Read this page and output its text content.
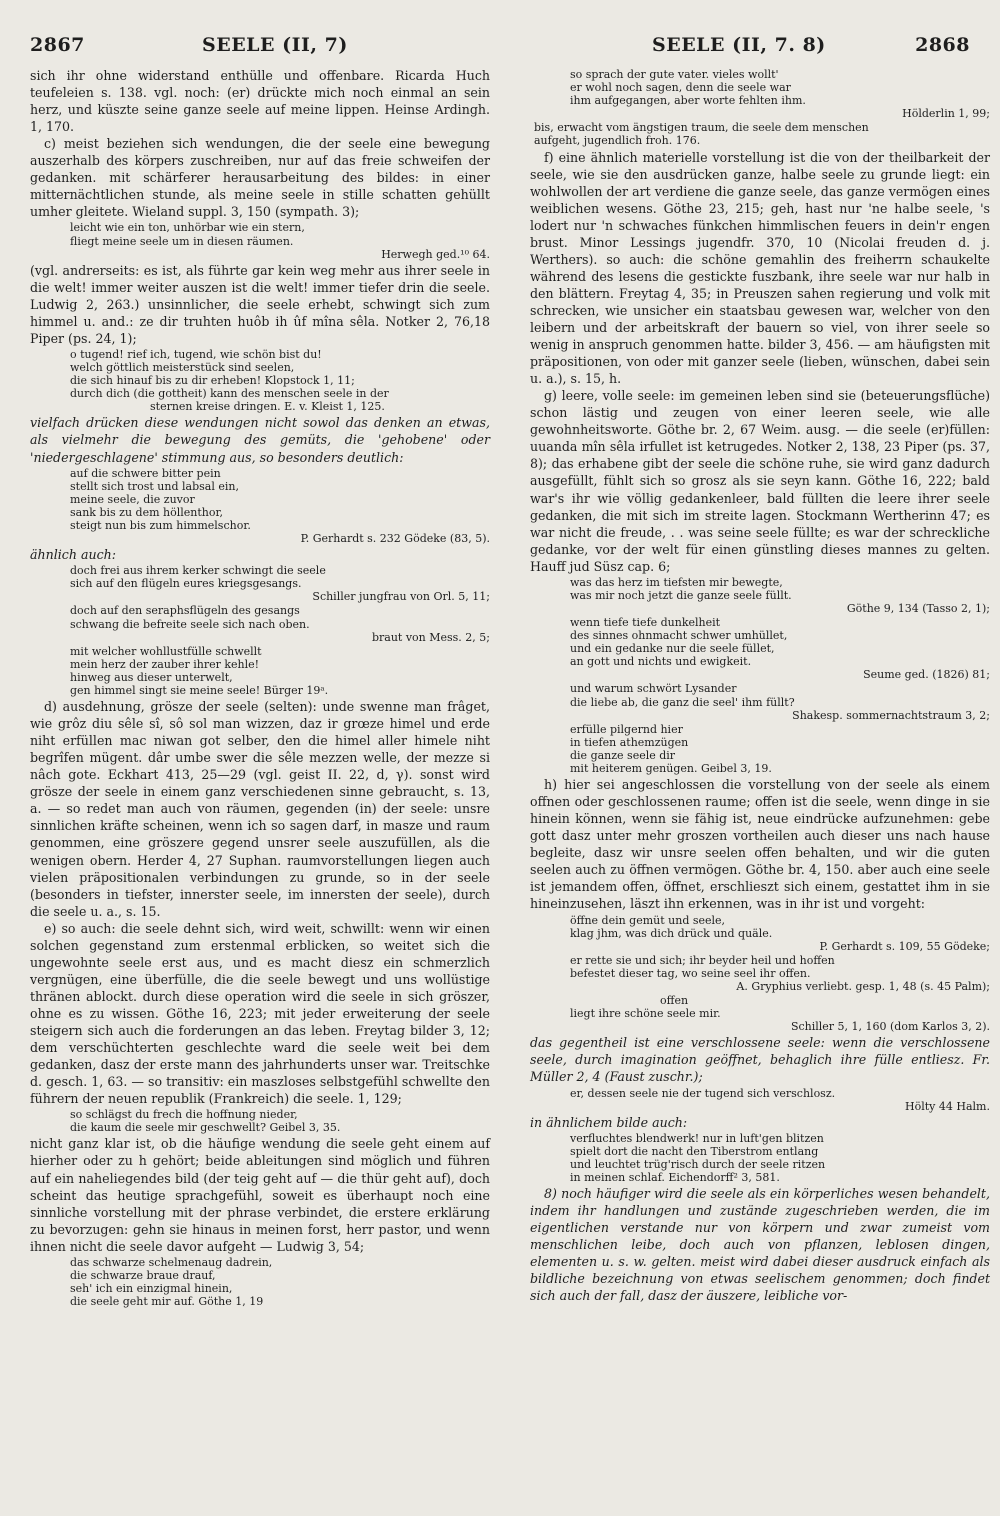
2867	SEELE (II, 7)	SEELE (II, 7. 8)	2868

sich ihr ohne widerstand enthülle und offenbare. Ricarda Huch teufeleien s. 138. vgl. noch: (er) drückte mich noch einmal an sein herz, und küszte seine ganze seele auf meine lippen. Heinse Ardingh. 1, 170.

c) meist beziehen sich wendungen, die der seele eine bewegung auszerhalb des körpers zuschreiben, nur auf das freie schweifen der gedanken. mit schärferer herausarbeitung des bildes: in einer mitternächtlichen stunde, als meine seele in stille schatten gehüllt umher gleitete. Wieland suppl. 3, 150 (sympath. 3);

leicht wie ein ton, unhörbar wie ein stern,
fliegt meine seele um in diesen räumen.
Herwegh ged.¹⁰ 64.

(vgl. andrerseits: es ist, als führte gar kein weg mehr aus ihrer seele in die welt! immer weiter auszen ist die welt! immer tiefer drin die seele. Ludwig 2, 263.) unsinnlicher, die seele erhebt, schwingt sich zum himmel u. and.: ze dir truhten huôb ih ûf mîna sêla. Notker 2, 76,18 Piper (ps. 24, 1);

o tugend! rief ich, tugend, wie schön bist du!
welch göttlich meisterstück sind seelen,
die sich hinauf bis zu dir erheben! Klopstock 1, 11;
durch dich (die gottheit) kann des menschen seele in der
sternen kreise dringen. E. v. Kleist 1, 125.

vielfach drücken diese wendungen nicht sowol das denken an etwas, als vielmehr die bewegung des gemüts, die 'gehobene' oder 'niedergeschlagene' stimmung aus, so besonders deutlich:

auf die schwere bitter pein
stellt sich trost und labsal ein,
meine seele, die zuvor
sank bis zu dem höllenthor,
steigt nun bis zum himmelschor.
P. Gerhardt s. 232 Gödeke (83, 5).

ähnlich auch:

doch frei aus ihrem kerker schwingt die seele
sich auf den flügeln eures kriegsgesangs.
Schiller jungfrau von Orl. 5, 11;
doch auf den seraphsflügeln des gesangs
schwang die befreite seele sich nach oben.
braut von Mess. 2, 5;
mit welcher wohllustfülle schwellt
mein herz der zauber ihrer kehle!
hinweg aus dieser unterwelt,
gen himmel singt sie meine seele! Bürger 19ᵃ.

d) ausdehnung, grösze der seele (selten): unde swenne man frâget, wie grôz diu sêle sî, sô sol man wizzen, daz ir grœze himel und erde niht erfüllen mac niwan got selber, den die himel aller himele niht begrîfen mügent. dâr umbe swer die sêle mezzen welle, der mezze si nâch gote. Eckhart 413, 25—29 (vgl. geist II. 22, d, γ). sonst wird grösze der seele in einem ganz verschiedenen sinne gebraucht, s. 13, a. — so redet man auch von räumen, gegenden (in) der seele: unsre sinnlichen kräfte scheinen, wenn ich so sagen darf, in masze und raum genommen, eine gröszere gegend unsrer seele auszufüllen, als die wenigen obern. Herder 4, 27 Suphan. raumvorstellungen liegen auch vielen präpositionalen verbindungen zu grunde, so in der seele (besonders in tiefster, innerster seele, im innersten der seele), durch die seele u. a., s. 15.

e) so auch: die seele dehnt sich, wird weit, schwillt: wenn wir einen solchen gegenstand zum erstenmal erblicken, so weitet sich die ungewohnte seele erst aus, und es macht diesz ein schmerzlich vergnügen, eine überfülle, die die seele bewegt und uns wollüstige thränen ablockt. durch diese operation wird die seele in sich gröszer, ohne es zu wissen. Göthe 16, 223; mit jeder erweiterung der seele steigern sich auch die forderungen an das leben. Freytag bilder 3, 12; dem verschüchterten geschlechte ward die seele weit bei dem gedanken, dasz der erste mann des jahrhunderts unser war. Treitschke d. gesch. 1, 63. — so transitiv: ein maszloses selbstgefühl schwellte den führern der neuen republik (Frankreich) die seele. 1, 129;

so schlägst du frech die hoffnung nieder,
die kaum die seele mir geschwellt? Geibel 3, 35.

nicht ganz klar ist, ob die häufige wendung die seele geht einem auf hierher oder zu h gehört; beide ableitungen sind möglich und führen auf ein naheliegendes bild (der teig geht auf — die thür geht auf), doch scheint das heutige sprachgefühl, soweit es überhaupt noch eine sinnliche vorstellung mit der phrase verbindet, die erstere erklärung zu bevorzugen: gehn sie hinaus in meinen forst, herr pastor, und wenn ihnen nicht die seele davor aufgeht — Ludwig 3, 54;

das schwarze schelmenaug dadrein,
die schwarze braue drauf,
seh' ich ein einzigmal hinein,
die seele geht mir auf. Göthe 1, 19
so sprach der gute vater. vieles wollt'
er wohl noch sagen, denn die seele war
ihm aufgegangen, aber worte fehlten ihm.
Hölderlin 1, 99;
bis, erwacht vom ängstigen traum, die seele dem menschen
aufgeht, jugendlich froh. 176.

f) eine ähnlich materielle vorstellung ist die von der theilbarkeit der seele, wie sie den ausdrücken ganze, halbe seele zu grunde liegt: ein wohlwollen der art verdiene die ganze seele, das ganze vermögen eines weiblichen wesens. Göthe 23, 215; geh, hast nur 'ne halbe seele, 's lodert nur 'n schwaches fünkchen himmlischen feuers in dein'r engen brust. Minor Lessings jugendfr. 370, 10 (Nicolai freuden d. j. Werthers). so auch: die schöne gemahlin des freiherrn schaukelte während des lesens die gestickte fuszbank, ihre seele war nur halb in den blättern. Freytag 4, 35; in Preuszen sahen regierung und volk mit schrecken, wie unsicher ein staatsbau gewesen war, welcher von den leibern und der arbeitskraft der bauern so viel, von ihrer seele so wenig in anspruch genommen hatte. bilder 3, 456. — am häufigsten mit präpositionen, von oder mit ganzer seele (lieben, wünschen, dabei sein u. a.), s. 15, h.

g) leere, volle seele: im gemeinen leben sind sie (beteuerungsflüche) schon lästig und zeugen von einer leeren seele, wie alle gewohnheitsworte. Göthe br. 2, 67 Weim. ausg. — die seele (er)füllen: uuanda mîn sêla irfullet ist ketrugedes. Notker 2, 138, 23 Piper (ps. 37, 8); das erhabene gibt der seele die schöne ruhe, sie wird ganz dadurch ausgefüllt, fühlt sich so grosz als sie seyn kann. Göthe 16, 222; bald war's ihr wie völlig gedankenleer, bald füllten die leere ihrer seele gedanken, die mit sich im streite lagen. Stockmann Wertherinn 47; es war nicht die freude, . . was seine seele füllte; es war der schreckliche gedanke, vor der welt für einen günstling dieses mannes zu gelten. Hauff jud Süsz cap. 6;

was das herz im tiefsten mir bewegte,
was mir noch jetzt die ganze seele füllt.
Göthe 9, 134 (Tasso 2, 1);
wenn tiefe tiefe dunkelheit
des sinnes ohnmacht schwer umhüllet,
und ein gedanke nur die seele füllet,
an gott und nichts und ewigkeit.
Seume ged. (1826) 81;
und warum schwört Lysander
die liebe ab, die ganz die seel' ihm füllt?
Shakesp. sommernachtstraum 3, 2;
erfülle pilgernd hier
in tiefen athemzügen
die ganze seele dir
mit heiterem genügen. Geibel 3, 19.

h) hier sei angeschlossen die vorstellung von der seele als einem offnen oder geschlossenen raume; offen ist die seele, wenn dinge in sie hinein können, wenn sie fähig ist, neue eindrücke aufzunehmen: gebe gott dasz unter mehr groszen vortheilen auch dieser uns nach hause begleite, dasz wir unsre seelen offen behalten, und wir die guten seelen auch zu öffnen vermögen. Göthe br. 4, 150. aber auch eine seele ist jemandem offen, öffnet, erschlieszt sich einem, gestattet ihm in sie hineinzusehen, läszt ihn erkennen, was in ihr ist und vorgeht:

öffne dein gemüt und seele,
klag jhm, was dich drück und quäle.
P. Gerhardt s. 109, 55 Gödeke;
er rette sie und sich; ihr beyder heil und hoffen
befestet dieser tag, wo seine seel ihr offen.
A. Gryphius verliebt. gesp. 1, 48 (s. 45 Palm);
offen
liegt ihre schöne seele mir.
Schiller 5, 1, 160 (dom Karlos 3, 2).

das gegentheil ist eine verschlossene seele: wenn die verschlossene seele, durch imagination geöffnet, behaglich ihre fülle entliesz. Fr. Müller 2, 4 (Faust zuschr.);

er, dessen seele nie der tugend sich verschlosz.
Hölty 44 Halm.

in ähnlichem bilde auch:

verfluchtes blendwerk! nur in luft'gen blitzen
spielt dort die nacht den Tiberstrom entlang
und leuchtet trüg'risch durch der seele ritzen
in meinen schlaf. Eichendorff² 3, 581.

8) noch häufiger wird die seele als ein körperliches wesen behandelt, indem ihr handlungen und zustände zugeschrieben werden, die im eigentlichen verstande nur von körpern und zwar zumeist vom menschlichen leibe, doch auch von pflanzen, leblosen dingen, elementen u. s. w. gelten. meist wird dabei dieser ausdruck einfach als bildliche bezeichnung von etwas seelischem genommen; doch findet sich auch der fall, dasz der äuszere, leibliche vor-
